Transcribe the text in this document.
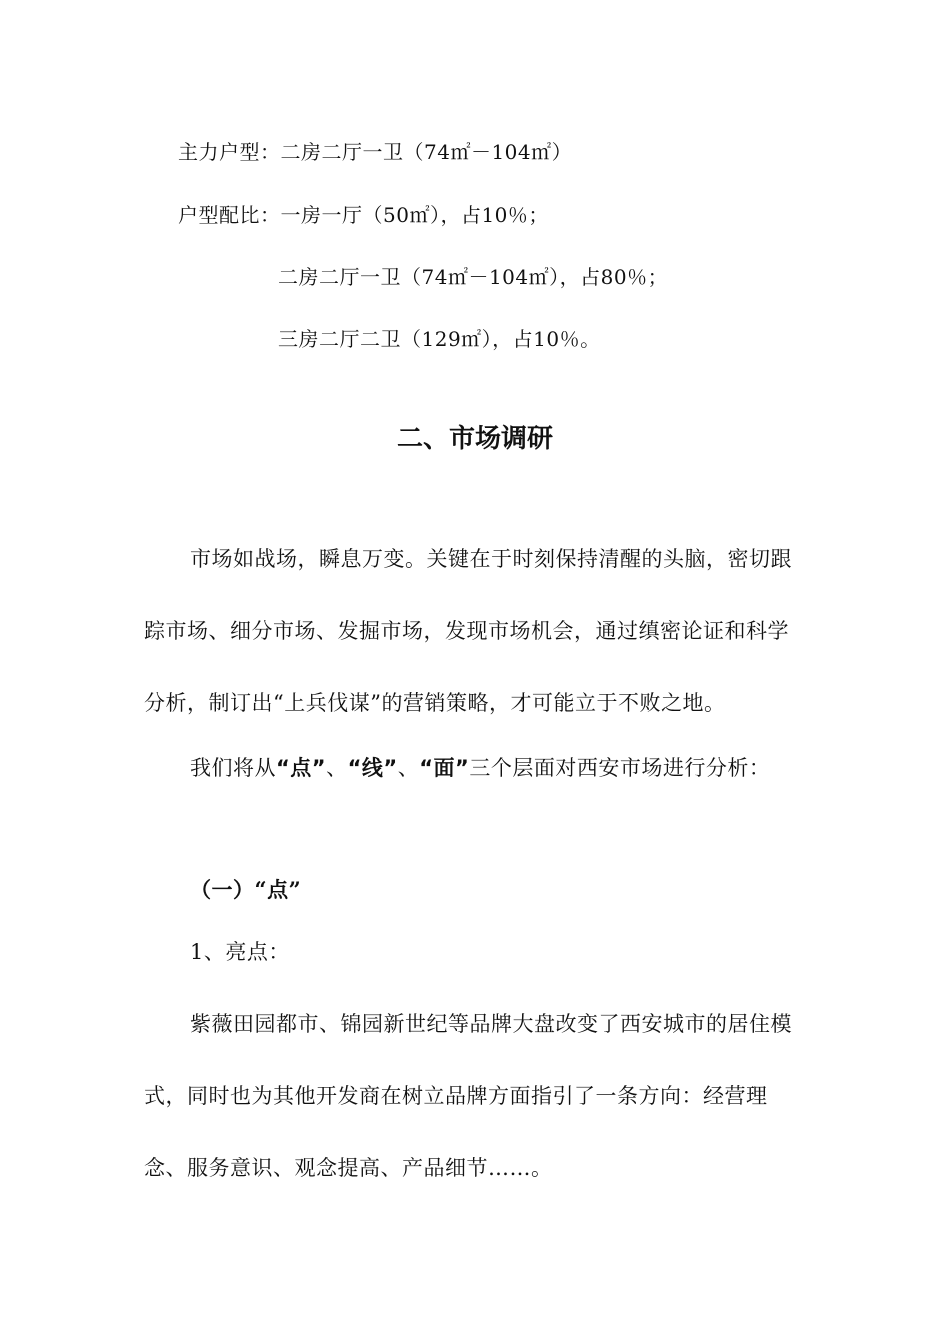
主力户型：二房二厅一卫（74㎡－104㎡）
户型配比：一房一厅（50㎡），占10％；
二房二厅一卫（74㎡－104㎡），占80％；
三房二厅二卫（129㎡），占10％。
二、市场调研
市场如战场，瞬息万变。关键在于时刻保持清醒的头脑，密切跟踪市场、细分市场、发掘市场，发现市场机会，通过缜密论证和科学分析，制订出“上兵伐谋”的营销策略，才可能立于不败之地。
我们将从“点”、“线”、“面”三个层面对西安市场进行分析：
（一）“点”
1、亮点：
紫薇田园都市、锦园新世纪等品牌大盘改变了西安城市的居住模式，同时也为其他开发商在树立品牌方面指引了一条方向：经营理念、服务意识、观念提高、产品细节……。
